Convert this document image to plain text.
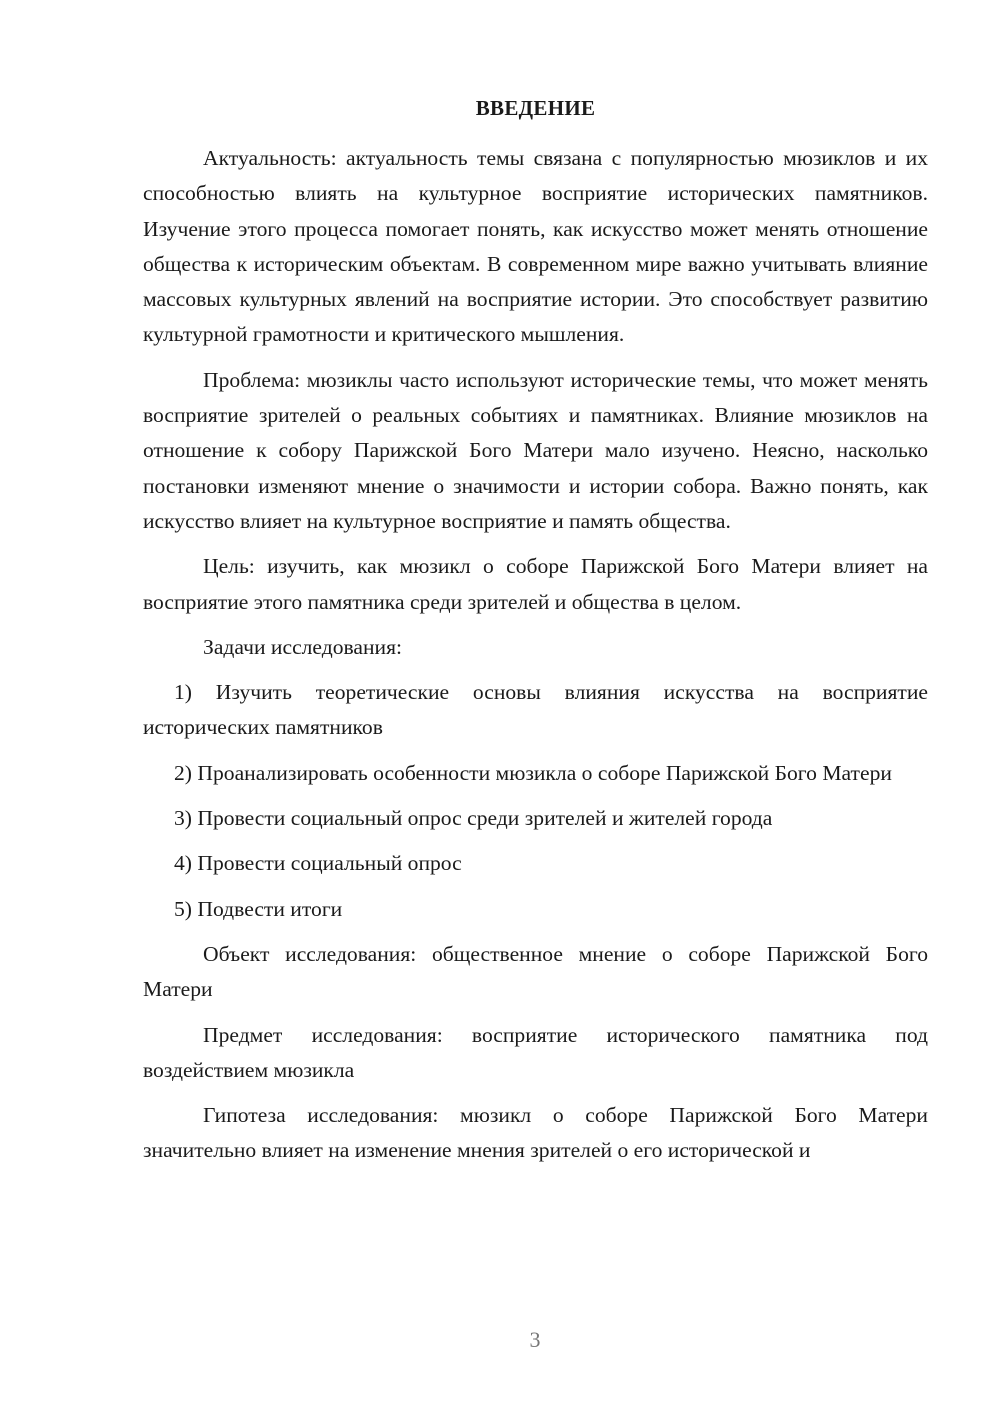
ВВЕДЕНИЕ

Актуальность: актуальность темы связана с популярностью мюзиклов и их способностью влиять на культурное восприятие исторических памятников. Изучение этого процесса помогает понять, как искусство может менять отношение общества к историческим объектам. В современном мире важно учитывать влияние массовых культурных явлений на восприятие истории. Это способствует развитию культурной грамотности и критического мышления.

Проблема: мюзиклы часто используют исторические темы, что может менять восприятие зрителей о реальных событиях и памятниках. Влияние мюзиклов на отношение к собору Парижской Бого Матери мало изучено. Неясно, насколько постановки изменяют мнение о значимости и истории собора. Важно понять, как искусство влияет на культурное восприятие и память общества.

Цель: изучить, как мюзикл о соборе Парижской Бого Матери влияет на восприятие этого памятника среди зрителей и общества в целом.

Задачи исследования:

1) Изучить теоретические основы влияния искусства на восприятие исторических памятников

2) Проанализировать особенности мюзикла о соборе Парижской Бого Матери

3) Провести социальный опрос среди зрителей и жителей города

4) Провести социальный опрос

5) Подвести итоги

Объект исследования: общественное мнение о соборе Парижской Бого Матери

Предмет исследования: восприятие исторического памятника под воздействием мюзикла

Гипотеза исследования: мюзикл о соборе Парижской Бого Матери значительно влияет на изменение мнения зрителей о его исторической и

3
